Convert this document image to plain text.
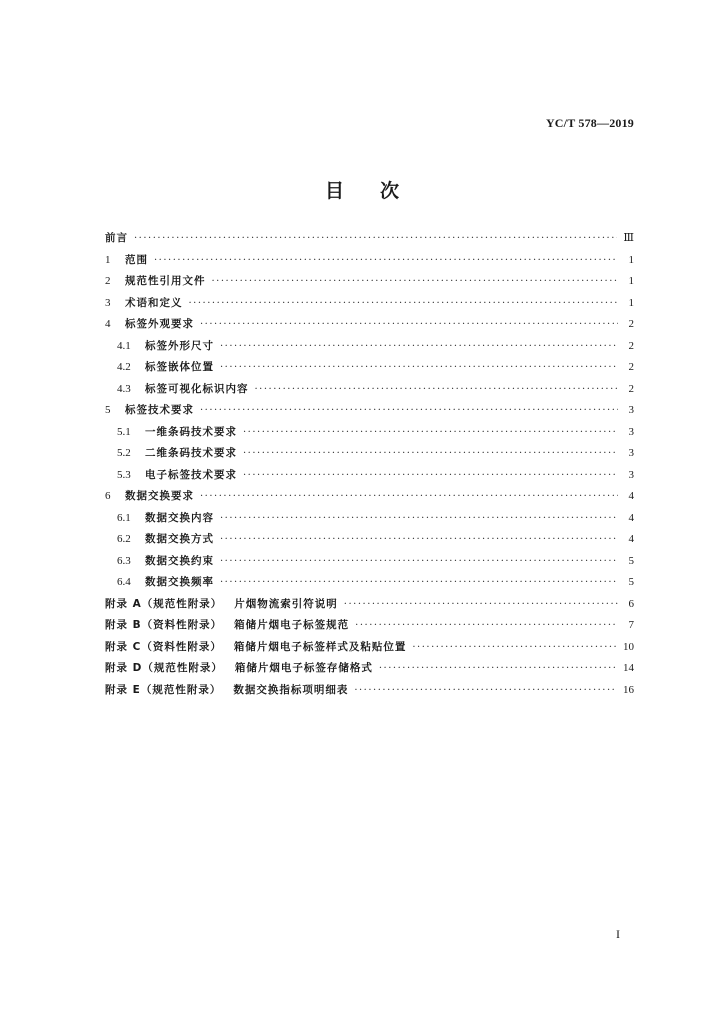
YC/T 578—2019
目次
前言 ·····	Ⅲ
1	范围 ·····	1
2	规范性引用文件 ·····	1
3	术语和定义 ·····	1
4	标签外观要求 ·····	2
4.1	标签外形尺寸 ·····	2
4.2	标签嵌体位置 ·····	2
4.3	标签可视化标识内容 ·····	2
5	标签技术要求 ·····	3
5.1	一维条码技术要求 ·····	3
5.2	二维条码技术要求 ·····	3
5.3	电子标签技术要求 ·····	3
6	数据交换要求 ·····	4
6.1	数据交换内容 ·····	4
6.2	数据交换方式 ·····	4
6.3	数据交换约束 ·····	5
6.4	数据交换频率 ·····	5
附录 A（规范性附录） 片烟物流索引符说明 ·····	6
附录 B（资料性附录） 箱储片烟电子标签规范 ·····	7
附录 C（资料性附录） 箱储片烟电子标签样式及粘贴位置 ·····	10
附录 D（规范性附录） 箱储片烟电子标签存储格式 ·····	14
附录 E（规范性附录） 数据交换指标项明细表 ·····	16
I
